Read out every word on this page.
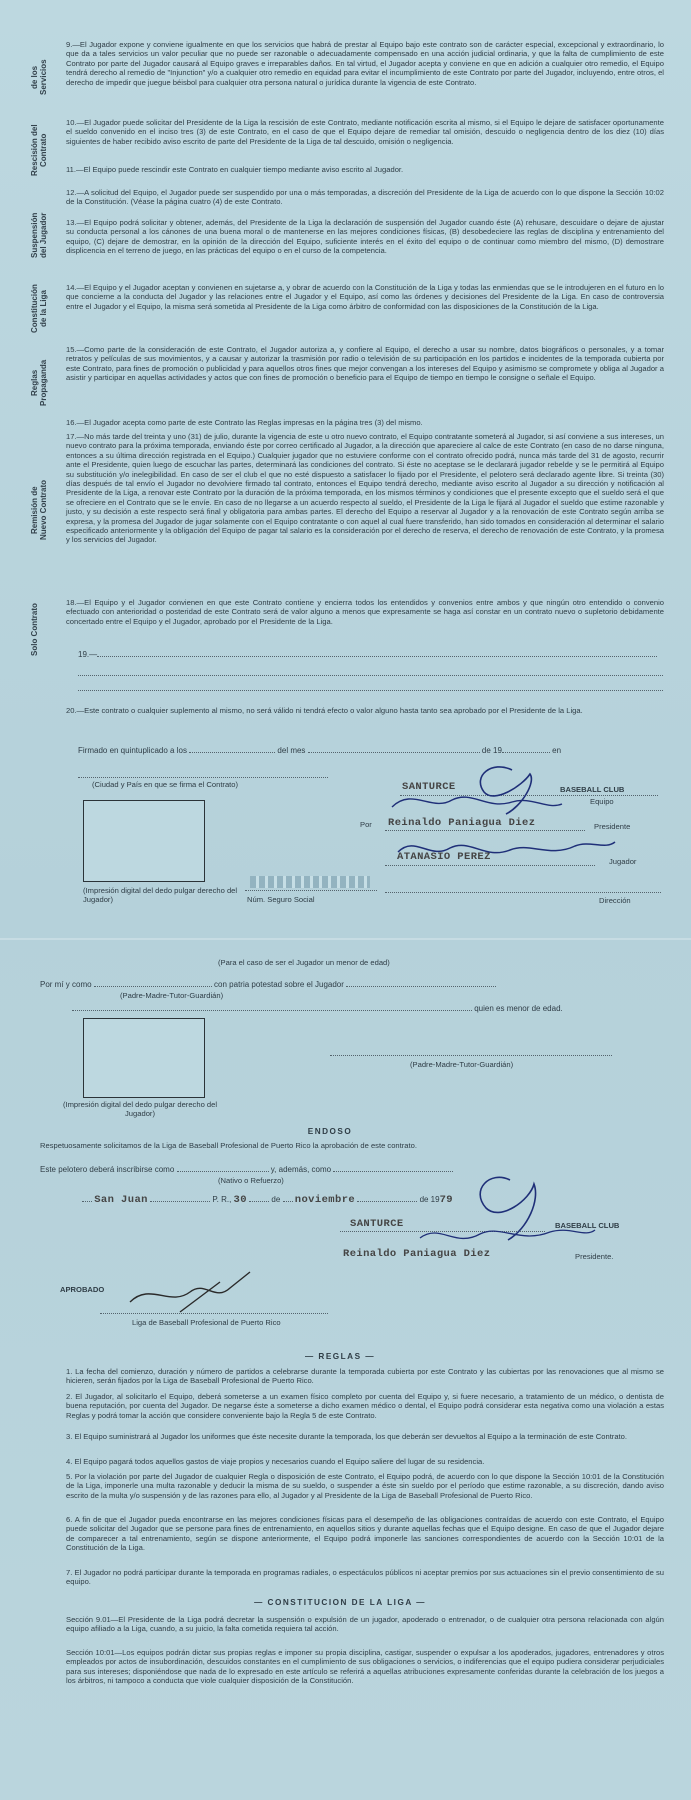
de los
Servicios
Rescisión del
Contrato
Suspensión
del Jugador
Constitución
de la Liga
Reglas
Propaganda
Remisión de
Nuevo Contrato
Solo Contrato

9.—El Jugador expone y conviene igualmente en que los servicios que habrá de prestar al Equipo bajo este contrato son de carácter especial, excepcional y extraordinario, lo que da a tales servicios un valor peculiar que no puede ser razonable o adecuadamente compensado en una acción judicial ordinaria, y que la falta de cumplimiento de este Contrato por parte del Jugador causará al Equipo graves e irreparables daños. En tal virtud, el Jugador acepta y conviene en que en adición a cualquier otro remedio, el Equipo tendrá derecho al remedio de "Injunction" y/o a cualquier otro remedio en equidad para evitar el incumplimiento de este Contrato por parte del Jugador, incluyendo, entre otros, el derecho de impedir que juegue béisbol para cualquier otra persona natural o jurídica durante la vigencia de este Contrato.

10.—El Jugador puede solicitar del Presidente de la Liga la rescisión de este Contrato, mediante notificación escrita al mismo, si el Equipo le dejare de satisfacer oportunamente el sueldo convenido en el inciso tres (3) de este Contrato, en el caso de que el Equipo dejare de remediar tal omisión, descuido o negligencia dentro de los diez (10) días siguientes de haber recibido aviso escrito de parte del Presidente de la Liga de tal descuido, omisión o negligencia.

11.—El Equipo puede rescindir este Contrato en cualquier tiempo mediante aviso escrito al Jugador.

12.—A solicitud del Equipo, el Jugador puede ser suspendido por una o más temporadas, a discreción del Presidente de la Liga de acuerdo con lo que dispone la Sección 10:02 de la Constitución. (Véase la página cuatro (4) de este Contrato.

13.—El Equipo podrá solicitar y obtener, además, del Presidente de la Liga la declaración de suspensión del Jugador cuando éste (A) rehusare, descuidare o dejare de ajustar su conducta personal a los cánones de una buena moral o de mantenerse en las mejores condiciones físicas, (B) desobedeciere las reglas de disciplina y entrenamiento del equipo, (C) dejare de demostrar, en la opinión de la dirección del Equipo, suficiente interés en el éxito del equipo o de continuar como miembro del mismo, (D) demostrare displicencia en el terreno de juego, en las prácticas del equipo o en el curso de la competencia.

14.—El Equipo y el Jugador aceptan y convienen en sujetarse a, y obrar de acuerdo con la Constitución de la Liga y todas las enmiendas que se le introdujeren en el futuro en lo que concierne a la conducta del Jugador y las relaciones entre el Jugador y el Equipo, así como las órdenes y decisiones del Presidente de la Liga. En caso de controversia entre el Jugador y el Equipo, la misma será sometida al Presidente de la Liga como árbitro de conformidad con las disposiciones de la Constitución de la Liga.

15.—Como parte de la consideración de este Contrato, el Jugador autoriza a, y confiere al Equipo, el derecho a usar su nombre, datos biográficos o personales, y a tomar retratos y películas de sus movimientos, y a causar y autorizar la trasmisión por radio o televisión de su participación en los partidos e incidentes de la temporada cubierta por este Contrato, para fines de promoción o publicidad y para aquellos otros fines que mejor convengan a los intereses del Equipo y asimismo se compromete y obliga al Jugador a asistir y participar en aquellas actividades y actos que con fines de promoción o beneficio para el Equipo de tiempo en tiempo le consigne o señale el Equipo.

16.—El Jugador acepta como parte de este Contrato las Reglas impresas en la página tres (3) del mismo.

17.—No más tarde del treinta y uno (31) de julio, durante la vigencia de este u otro nuevo contrato, el Equipo contratante someterá al Jugador, si así conviene a sus intereses, un nuevo contrato para la próxima temporada, enviando éste por correo certificado al Jugador, a la dirección que apareciere al calce de este Contrato (en caso de no darse ninguna, entonces a su última dirección registrada en el Equipo.) Cualquier jugador que no estuviere conforme con el contrato ofrecido podrá, nunca más tarde del 31 de agosto, recurrir ante el Presidente, quien luego de escuchar las partes, determinará las condiciones del contrato. Si éste no aceptase se le declarará jugador rebelde y se le permitirá al Equipo su substitución y/o inelegibilidad. En caso de ser el club el que no esté dispuesto a satisfacer lo fijado por el Presidente, el pelotero será declarado agente libre. Si treinta (30) días después de tal envío el Jugador no devolviere firmado tal contrato, entonces el Equipo tendrá derecho, mediante aviso escrito al Jugador a su dirección y notificación al Presidente de la Liga, a renovar este Contrato por la duración de la próxima temporada, en los mismos términos y condiciones que el presente excepto que el sueldo será el que se ofreciere en el Contrato que se le envíe. En caso de no llegarse a un acuerdo respecto al sueldo, el Presidente de la Liga le fijará al Jugador el sueldo que estime razonable y justo, y su decisión a este respecto será final y obligatoria para ambas partes. El derecho del Equipo a reservar al Jugador y a la renovación de este Contrato según arriba se expresa, y la promesa del Jugador de jugar solamente con el Equipo contratante o con aquel al cual fuere transferido, han sido tomados en consideración al determinar el salario especificado anteriormente y la obligación del Equipo de pagar tal salario es la consideración por el derecho de reserva, el derecho de renovación de este Contrato, y la promesa y los servicios del Jugador.

18.—El Equipo y el Jugador convienen en que este Contrato contiene y encierra todos los entendidos y convenios entre ambos y que ningún otro entendido o convenio efectuado con anterioridad o posteridad de este Contrato será de valor alguno a menos que expresamente se haga así constar en un contrato nuevo o supletorio debidamente concertado entre el Equipo y el Jugador, aprobado por el Presidente de la Liga.

19.—

20.—Este contrato o cualquier suplemento al mismo, no será válido ni tendrá efecto o valor alguno hasta tanto sea aprobado por el Presidente de la Liga.

Firmado en quintuplicado a los	del mes	de 19	en
(Ciudad y País en que se firma el Contrato)	SANTURCE	BASEBALL CLUB
Equipo
Por Reinaldo Paniagua Diez	Presidente
ATANASIO PEREZ	Jugador
Dirección
(Impresión digital del dedo pulgar derecho del Jugador)	Núm. Seguro Social
(Para el caso de ser el Jugador un menor de edad)
Por mí y como	con patria potestad sobre el Jugador
(Padre-Madre-Tutor-Guardián)
quien es menor de edad.
(Padre-Madre-Tutor-Guardián)
(Impresión digital del dedo pulgar derecho del Jugador)
ENDOSO
Respetuosamente solicitamos de la Liga de Baseball Profesional de Puerto Rico la aprobación de este contrato.
Este pelotero deberá inscribirse como	y, además, como
(Nativo o Refuerzo)
San Juan	P. R., 30	de noviembre	de 1979
SANTURCE	BASEBALL CLUB
Reinaldo Paniagua Diez	Presidente.
APROBADO
Liga de Baseball Profesional de Puerto Rico
— REGLAS —

1. La fecha del comienzo, duración y número de partidos a celebrarse durante la temporada cubierta por este Contrato y las cubiertas por las renovaciones que al mismo se hicieren, serán fijados por la Liga de Baseball Profesional de Puerto Rico.

2. El Jugador, al solicitarlo el Equipo, deberá someterse a un examen físico completo por cuenta del Equipo y, si fuere necesario, a tratamiento de un médico, o dentista de buena reputación, por cuenta del Jugador. De negarse éste a someterse a dicho examen médico o dental, el Equipo podrá considerar esta negativa como una violación a estas Reglas y podrá tomar la acción que considere conveniente bajo la Regla 5 de este Contrato.

3. El Equipo suministrará al Jugador los uniformes que éste necesite durante la temporada, los que deberán ser devueltos al Equipo a la terminación de este Contrato.

4. El Equipo pagará todos aquellos gastos de viaje propios y necesarios cuando el Equipo saliere del lugar de su residencia.

5. Por la violación por parte del Jugador de cualquier Regla o disposición de este Contrato, el Equipo podrá, de acuerdo con lo que dispone la Sección 10:01 de la Constitución de la Liga, imponerle una multa razonable y deducir la misma de su sueldo, o suspender a éste sin sueldo por el período que estime razonable, a su discreción, dando aviso escrito de la multa y/o suspensión y de las razones para ello, al Jugador y al Presidente de la Liga de Baseball Profesional de Puerto Rico.

6. A fin de que el Jugador pueda encontrarse en las mejores condiciones físicas para el desempeño de las obligaciones contraídas de acuerdo con este Contrato, el Equipo puede solicitar del Jugador que se persone para fines de entrenamiento, en aquellos sitios y durante aquellas fechas que el Equipo designe. En caso de que el Jugador dejare de comparecer a tal entrenamiento, según se dispone anteriormente, el Equipo podrá imponerle las sanciones correspondientes de acuerdo con la Sección 10:01 de la Constitución de la Liga.

7. El Jugador no podrá participar durante la temporada en programas radiales, o espectáculos públicos ni aceptar premios por sus actuaciones sin el previo consentimiento de su equipo.

— CONSTITUCION DE LA LIGA —

Sección 9.01—El Presidente de la Liga podrá decretar la suspensión o expulsión de un jugador, apoderado o entrenador, o de cualquier otra persona relacionada con algún equipo afiliado a la Liga, cuando, a su juicio, la falta cometida requiera tal acción.

Sección 10:01—Los equipos podrán dictar sus propias reglas e imponer su propia disciplina, castigar, suspender o expulsar a los apoderados, jugadores, entrenadores y otros empleados por actos de insubordinación, descuidos constantes en el cumplimiento de sus obligaciones o servicios, o indiferencias que el equipo pudiera considerar perjudiciales para sus intereses; disponiéndose que nada de lo expresado en este artículo se referirá a aquellas atribuciones expresamente conferidas durante la celebración de los juegos a los árbitros, ni tampoco a conducta que viole cualquier disposición de la Constitución.
